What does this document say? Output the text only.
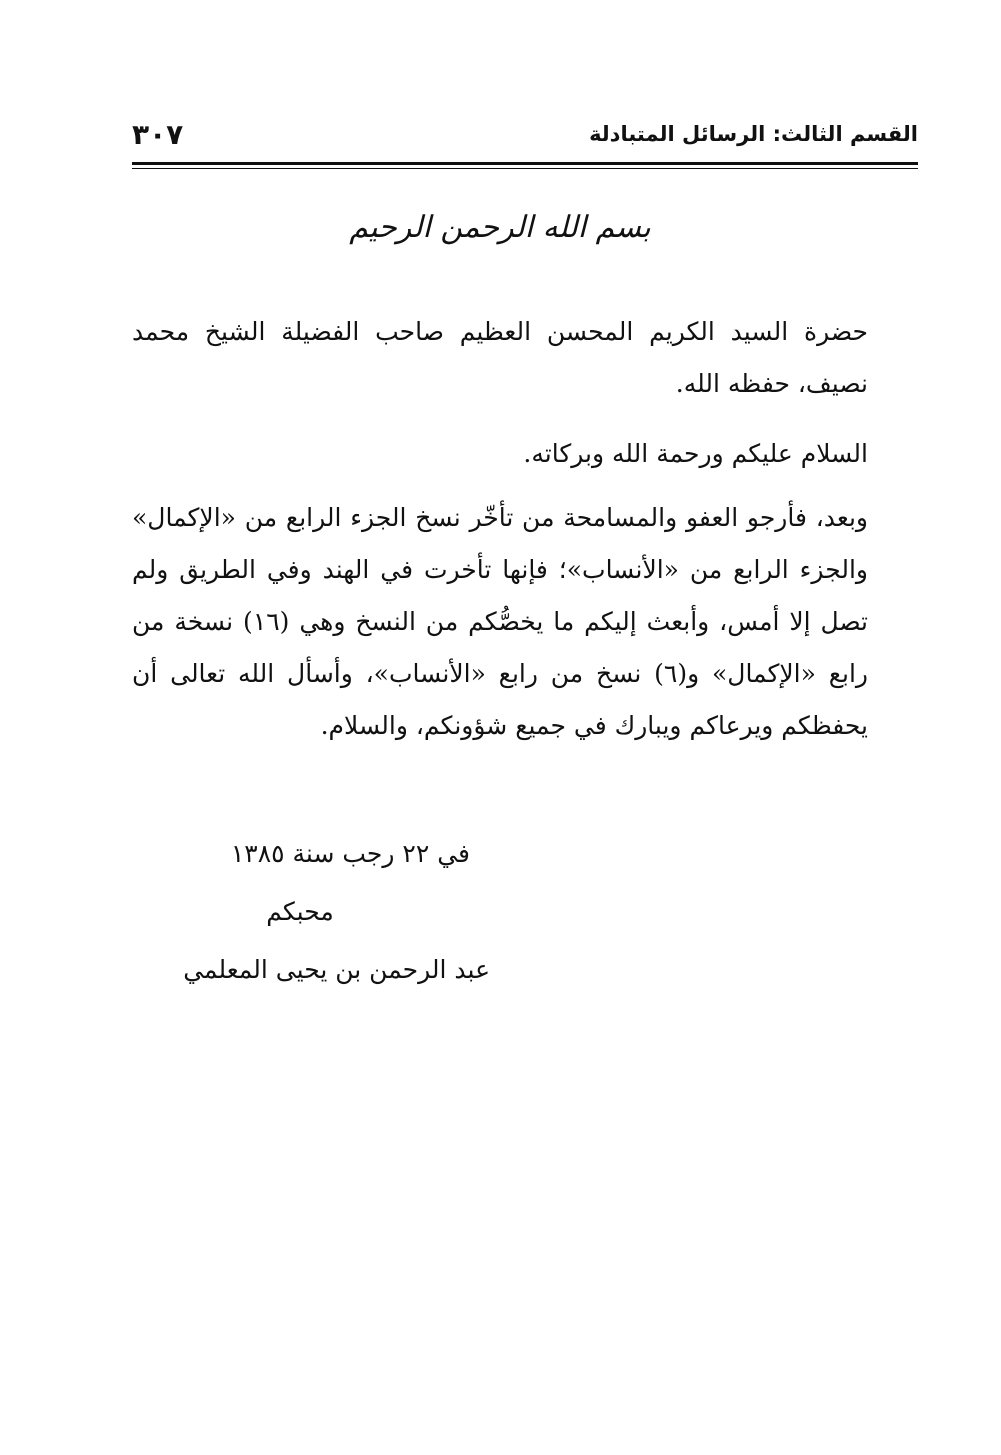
القسم الثالث: الرسائل المتبادلة
٣٠٧
بسم الله الرحمن الرحيم
حضرة السيد الكريم المحسن العظيم صاحب الفضيلة الشيخ محمد نصيف، حفظه الله.
السلام عليكم ورحمة الله وبركاته.
وبعد، فأرجو العفو والمسامحة من تأخّر نسخ الجزء الرابع من «الإكمال» والجزء الرابع من «الأنساب»؛ فإنها تأخرت في الهند وفي الطريق ولم تصل إلا أمس، وأبعث إليكم ما يخصُّكم من النسخ وهي (١٦) نسخة من رابع «الإكمال» و(٦) نسخ من رابع «الأنساب»، وأسأل الله تعالى أن يحفظكم ويرعاكم ويبارك في جميع شؤونكم، والسلام.
في ٢٢ رجب سنة ١٣٨٥
محبكم
عبد الرحمن بن يحيى المعلمي
